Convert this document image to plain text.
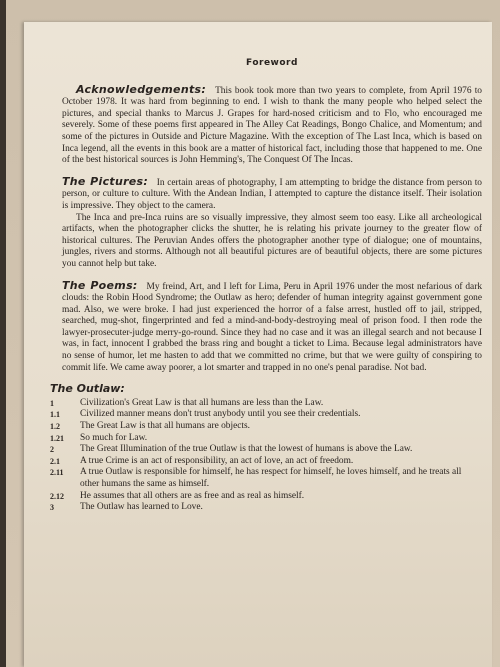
Foreword

Acknowledgements: This book took more than two years to complete, from April 1976 to October 1978. It was hard from beginning to end. I wish to thank the many people who helped select the pictures, and special thanks to Marcus J. Grapes for hard-nosed criticism and to Flo, who encouraged me severely. Some of these poems first appeared in The Alley Cat Readings, Bongo Chalice, and Momentum; and some of the pictures in Outside and Picture Magazine. With the exception of The Last Inca, which is based on Inca legend, all the events in this book are a matter of historical fact, including those that happened to me. One of the best historical sources is John Hemming's, The Conquest Of The Incas.

The Pictures: In certain areas of photography, I am attempting to bridge the distance from person to person, or culture to culture. With the Andean Indian, I attempted to capture the distance itself. Their isolation is impressive. They object to the camera.

The Inca and pre-Inca ruins are so visually impressive, they almost seem too easy. Like all archeological artifacts, when the photographer clicks the shutter, he is relating his private journey to the greater flow of historical cultures. The Peruvian Andes offers the photographer another type of dialogue; one of mountains, jungles, rivers and storms. Although not all beautiful pictures are of beautiful objects, there are some pictures you cannot help but take.

The Poems: My freind, Art, and I left for Lima, Peru in April 1976 under the most nefarious of dark clouds: the Robin Hood Syndrome; the Outlaw as hero; defender of human integrity against government gone mad. Also, we were broke. I had just experienced the horror of a false arrest, hustled off to jail, stripped, searched, mug-shot, fingerprinted and fed a mind-and-body-destroying meal of prison food. I then rode the lawyer-prosecuter-judge merry-go-round. Since they had no case and it was an illegal search and not because I was, in fact, innocent I grabbed the brass ring and bought a ticket to Lima. Because legal administrators have no sense of humor, let me hasten to add that we committed no crime, but that we were guilty of conspiring to commit life. We came away poorer, a lot smarter and trapped in no one's penal paradise. Not bad.

The Outlaw:
1	Civilization's Great Law is that all humans are less than the Law.
1.1	Civilized manner means don't trust anybody until you see their credentials.
1.2	The Great Law is that all humans are objects.
1.21	So much for Law.
2	The Great Illumination of the true Outlaw is that the lowest of humans is above the Law.
2.1	A true Crime is an act of responsibility, an act of love, an act of freedom.
2.11	A true Outlaw is responsible for himself, he has respect for himself, he loves himself, and he treats all other humans the same as himself.
2.12	He assumes that all others are as free and as real as himself.
3	The Outlaw has learned to Love.
